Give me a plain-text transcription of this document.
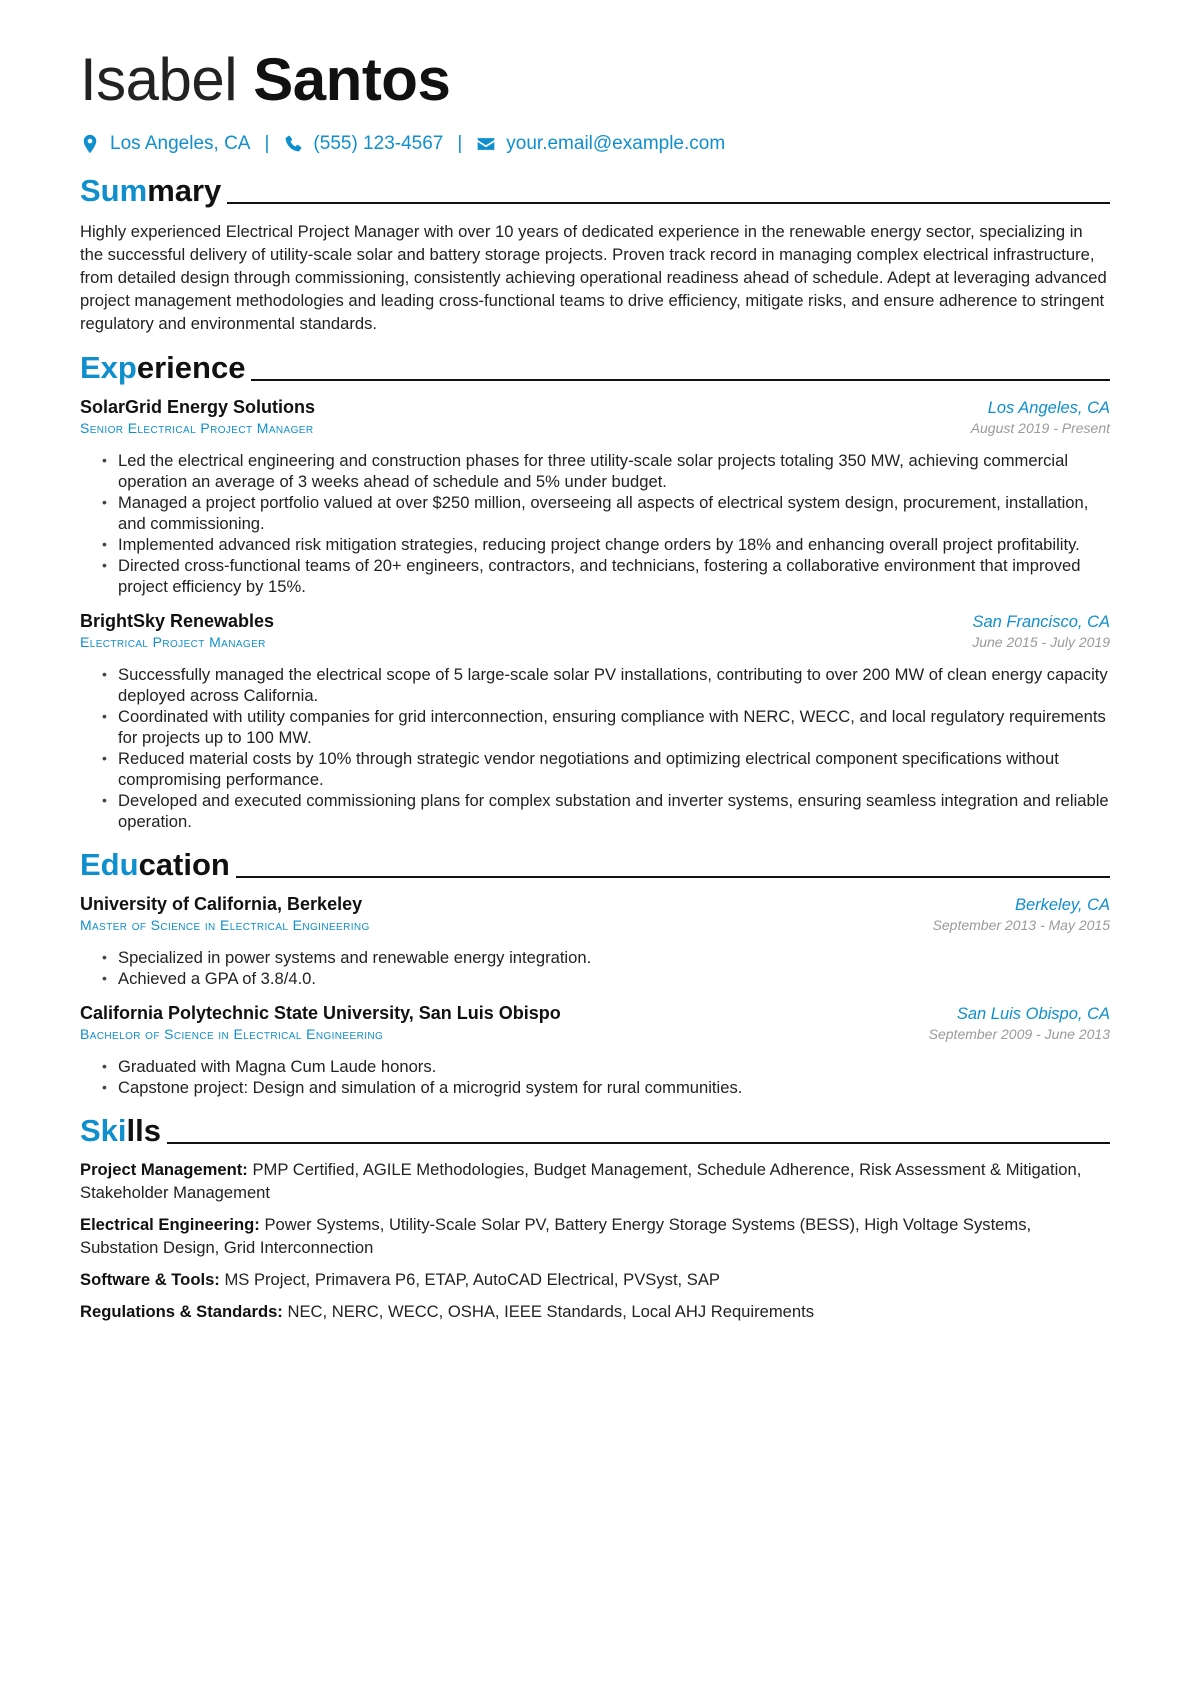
Isabel Santos
Los Angeles, CA | (555) 123-4567 | your.email@example.com
Summary
Highly experienced Electrical Project Manager with over 10 years of dedicated experience in the renewable energy sector, specializing in the successful delivery of utility-scale solar and battery storage projects. Proven track record in managing complex electrical infrastructure, from detailed design through commissioning, consistently achieving operational readiness ahead of schedule. Adept at leveraging advanced project management methodologies and leading cross-functional teams to drive efficiency, mitigate risks, and ensure adherence to stringent regulatory and environmental standards.
Experience
SolarGrid Energy Solutions	Los Angeles, CA
Senior Electrical Project Manager	August 2019 - Present
• Led the electrical engineering and construction phases for three utility-scale solar projects totaling 350 MW, achieving commercial operation an average of 3 weeks ahead of schedule and 5% under budget.
• Managed a project portfolio valued at over $250 million, overseeing all aspects of electrical system design, procurement, installation, and commissioning.
• Implemented advanced risk mitigation strategies, reducing project change orders by 18% and enhancing overall project profitability.
• Directed cross-functional teams of 20+ engineers, contractors, and technicians, fostering a collaborative environment that improved project efficiency by 15%.
BrightSky Renewables	San Francisco, CA
Electrical Project Manager	June 2015 - July 2019
• Successfully managed the electrical scope of 5 large-scale solar PV installations, contributing to over 200 MW of clean energy capacity deployed across California.
• Coordinated with utility companies for grid interconnection, ensuring compliance with NERC, WECC, and local regulatory requirements for projects up to 100 MW.
• Reduced material costs by 10% through strategic vendor negotiations and optimizing electrical component specifications without compromising performance.
• Developed and executed commissioning plans for complex substation and inverter systems, ensuring seamless integration and reliable operation.
Education
University of California, Berkeley	Berkeley, CA
Master of Science in Electrical Engineering	September 2013 - May 2015
• Specialized in power systems and renewable energy integration.
• Achieved a GPA of 3.8/4.0.
California Polytechnic State University, San Luis Obispo	San Luis Obispo, CA
Bachelor of Science in Electrical Engineering	September 2009 - June 2013
• Graduated with Magna Cum Laude honors.
• Capstone project: Design and simulation of a microgrid system for rural communities.
Skills
Project Management: PMP Certified, AGILE Methodologies, Budget Management, Schedule Adherence, Risk Assessment & Mitigation, Stakeholder Management
Electrical Engineering: Power Systems, Utility-Scale Solar PV, Battery Energy Storage Systems (BESS), High Voltage Systems, Substation Design, Grid Interconnection
Software & Tools: MS Project, Primavera P6, ETAP, AutoCAD Electrical, PVSyst, SAP
Regulations & Standards: NEC, NERC, WECC, OSHA, IEEE Standards, Local AHJ Requirements
